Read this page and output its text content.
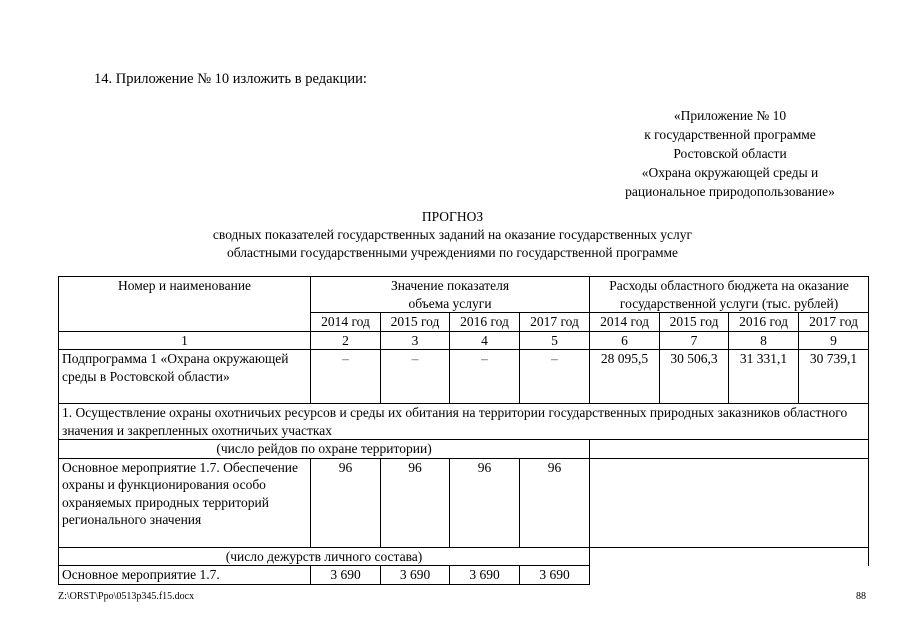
14. Приложение № 10 изложить в редакции:
«Приложение № 10
к государственной программе
Ростовской области
«Охрана окружающей среды и
рациональное природопользование»
ПРОГНОЗ
сводных показателей государственных заданий на оказание государственных услуг
областными государственными учреждениями по государственной программе
Номер и наименование	Значение показателя объема услуги				Расходы областного бюджета на оказание государственной услуги (тыс. рублей)			
	2014 год	2015 год	2016 год	2017 год	2014 год	2015 год	2016 год	2017 год
1	2	3	4	5	6	7	8	9
Подпрограмма 1 «Охрана окружающей среды в Ростовской области»	–	–	–	–	28 095,5	30 506,3	31 331,1	30 739,1
1. Осуществление охраны охотничьих ресурсов и среды их обитания на территории государственных природных заказников областного значения и закрепленных охотничьих участках								
(число рейдов по охране территории)								
Основное мероприятие 1.7. Обеспечение охраны и функционирования особо охраняемых природных территорий регионального значения	96	96	96	96				
(число дежурств личного состава)								
Основное мероприятие 1.7.	3 690	3 690	3 690	3 690				
Z:\ORST\Ppo\0513p345.f15.docx	88
